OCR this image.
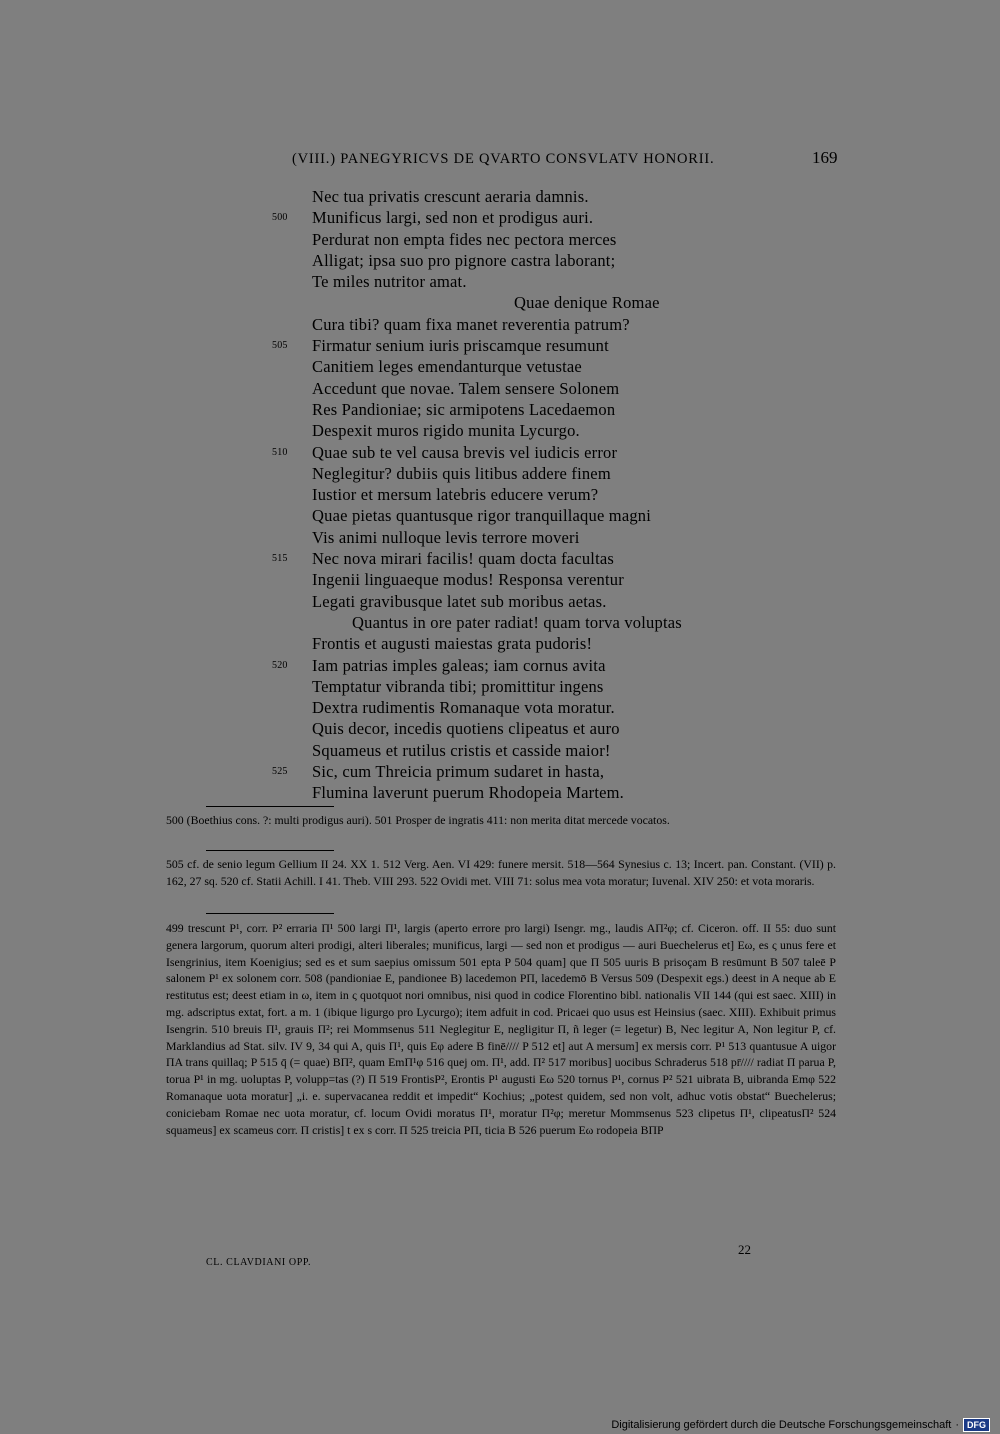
(VIII.) PANEGYRICVS DE QVARTO CONSVLATV HONORII.	169
Nec tua privatis crescunt aeraria damnis.
500	Munificus largi, sed non et prodigus auri.
Perdurat non empta fides nec pectora merces
Alligat; ipsa suo pro pignore castra laborant;
Te miles nutritor amat.
Quae denique Romae
Cura tibi? quam fixa manet reverentia patrum?
505	Firmatur senium iuris priscamque resumunt
Canitiem leges emendanturque vetustae
Accedunt que novae. Talem sensere Solonem
Res Pandioniae; sic armipotens Lacedaemon
Despexit muros rigido munita Lycurgo.
510	Quae sub te vel causa brevis vel iudicis error
Neglegitur? dubiis quis litibus addere finem
Iustior et mersum latebris educere verum?
Quae pietas quantusque rigor tranquillaque magni
Vis animi nulloque levis terrore moveri
515	Nec nova mirari facilis! quam docta facultas
Ingenii linguaeque modus! Responsa verentur
Legati gravibusque latet sub moribus aetas.
Quantus in ore pater radiat! quam torva voluptas
Frontis et augusti maiestas grata pudoris!
520	Iam patrias imples galeas; iam cornus avita
Temptatur vibranda tibi; promittitur ingens
Dextra rudimentis Romanaque vota moratur.
Quis decor, incedis quotiens clipeatus et auro
Squameus et rutilus cristis et casside maior!
525	Sic, cum Threicia primum sudaret in hasta,
Flumina laverunt puerum Rhodopeia Martem.

500 (Boethius cons. ?: multi prodigus auri). 501 Prosper de ingratis 411: non merita ditat mercede vocatos.

505 cf. de senio legum Gellium II 24. XX 1. 512 Verg. Aen. VI 429: funere mersit. 518—564 Synesius c. 13; Incert. pan. Constant. (VII) p. 162, 27 sq. 520 cf. Statii Achill. I 41. Theb. VIII 293. 522 Ovidi met. VIII 71: solus mea vota moratur; Iuvenal. XIV 250: et vota moraris.

499 trescunt P¹, corr. P² erraria Π¹ 500 largi Π¹, largis (aperto errore pro largi) Isengr. mg., laudis AΠ²φ; cf. Ciceron. off. II 55: duo sunt genera largorum, quorum alteri prodigi, alteri liberales; munificus, largi — sed non et prodigus — auri Buechelerus et] Eω, es ς unus fere et Isengrinius, item Koenigius; sed es et sum saepius omissum 501 epta P 504 quam] que Π 505 uuris B prisoçam B resūmunt B 507 taleē P salonem P¹ ex solonem corr. 508 (pandioniae E, pandionee B) lacedemon PΠ, lacedemō B Versus 509 (Despexit egs.) deest in A neque ab E restitutus est; deest etiam in ω, item in ς quotquot nori omnibus, nisi quod in codice Florentino bibl. nationalis VII 144 (qui est saec. XIII) in mg. adscriptus extat, fort. a m. 1 (ibique ligurgo pro Lycurgo); item adfuit in cod. Pricaei quo usus est Heinsius (saec. XIII). Exhibuit primus Isengrin. 510 breuis Π¹, grauis Π²; rei Mommsenus 511 Neglegitur E, negligitur Π, ñ leger (= legetur) B, Nec legitur A, Non legitur P, cf. Marklandius ad Stat. silv. IV 9, 34 qui A, quis Π¹, quis Eφ adere B finē//// P 512 et] aut A mersum] ex mersis corr. P¹ 513 quantusue A uigor ΠA trans quillaq; P 515 q̄ (= quae) BΠ², quam EmΠ¹φ 516 quej om. Π¹, add. Π² 517 moribus] uocibus Schraderus 518 pr̄//// radiat Π parua P, torua P¹ in mg. uoluptas P, volupp=tas (?) Π 519 FrontisP², Erontis P¹ augusti Eω 520 tornus P¹, cornus P² 521 uibrata B, uibranda Emφ 522 Romanaque uota moratur] „i. e. supervacanea reddit et impedit“ Kochius; „potest quidem, sed non volt, adhuc votis obstat“ Buechelerus; coniciebam Romae nec uota moratur, cf. locum Ovidi moratus Π¹, moratur Π²φ; meretur Mommsenus 523 clipetus Π¹, clipeatusΠ² 524 squameus] ex scameus corr. Π cristis] t ex s corr. Π 525 treicia PΠ, ticia B 526 puerum Eω rodopeia BΠP

CL. CLAVDIANI OPP.
22
Digitalisierung gefördert durch die Deutsche Forschungsgemeinschaft · DFG
